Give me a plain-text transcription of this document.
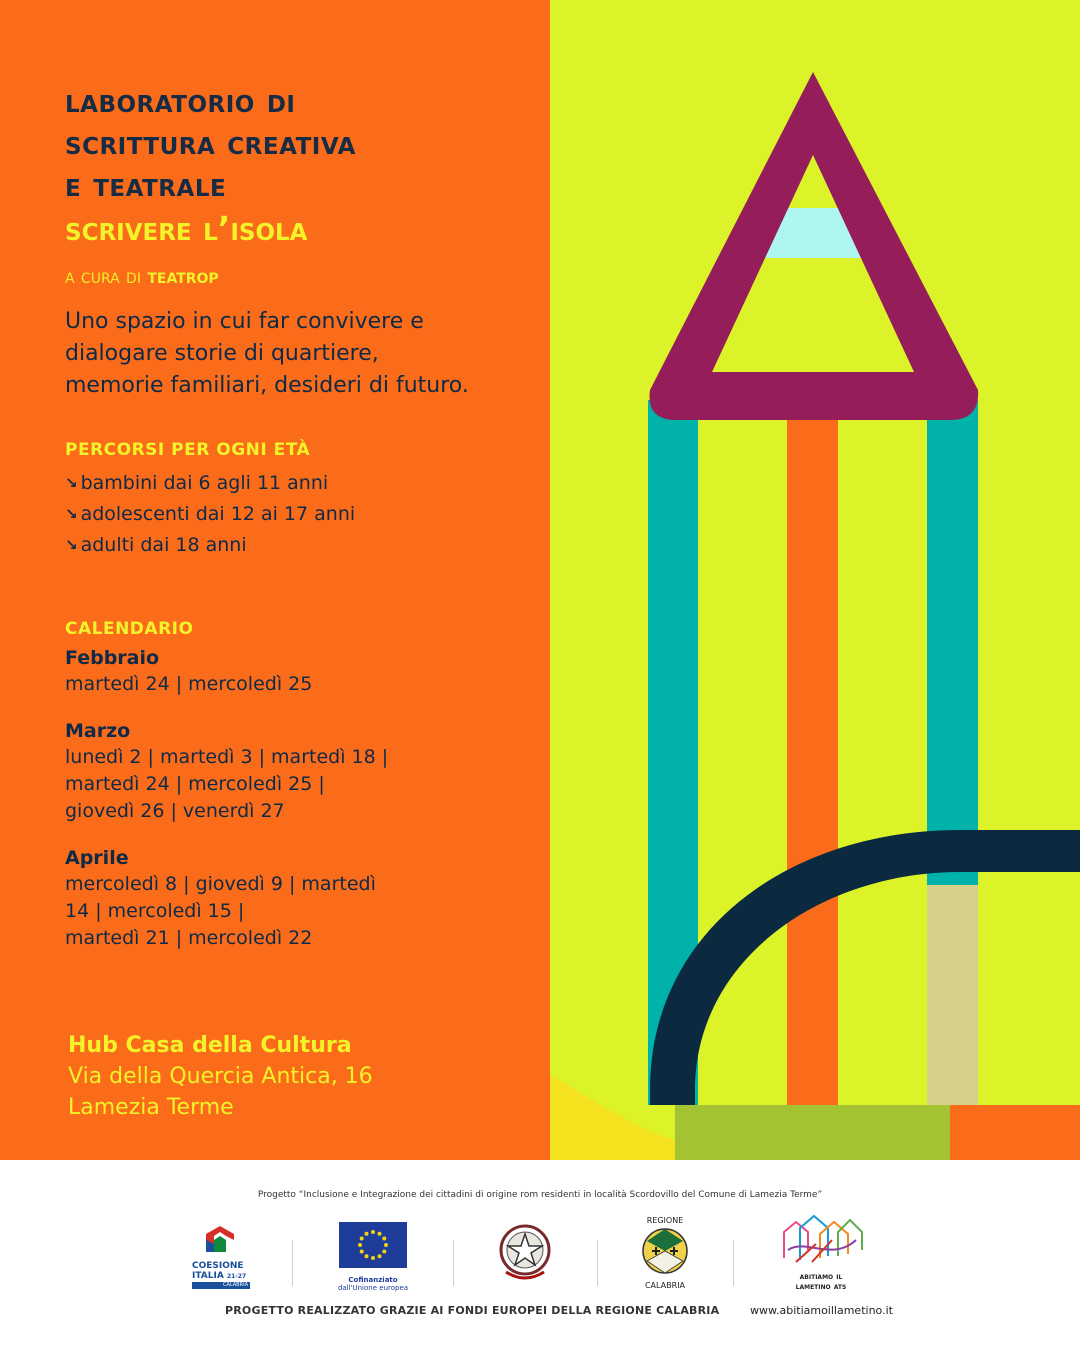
laboratorio di
scrittura creativa
e teatrale
scrivere l’isola
a cura di teatrop
Uno spazio in cui far convivere e dialogare storie di quartiere, memorie familiari, desideri di futuro.
PERCORSI PER OGNI ETÀ
↘ bambini dai 6 agli 11 anni
↘ adolescenti dai 12 ai 17 anni
↘ adulti dai 18 anni
CALENDARIO
Febbraio
martedì 24 | mercoledì 25
Marzo
lunedì 2 | martedì 3 | martedì 18 |
martedì 24 | mercoledì 25 |
giovedì 26 | venerdì 27
Aprile
mercoledì 8 | giovedì 9 | martedì
14 | mercoledì 15 |
martedì 21 | mercoledì 22
Hub Casa della Cultura
Via della Quercia Antica, 16
Lamezia Terme
Progetto “Inclusione e Integrazione dei cittadini di origine rom residenti in località Scordovillo del Comune di Lamezia Terme”
COESIONE
ITALIA 21-27
CALABRIA
Cofinanziato
dall'Unione europea
REGIONE
CALABRIA
abitiamo il
lametino ats
PROGETTO REALIZZATO GRAZIE AI FONDI EUROPEI DELLA REGIONE CALABRIA	www.abitiamoillametino.it
